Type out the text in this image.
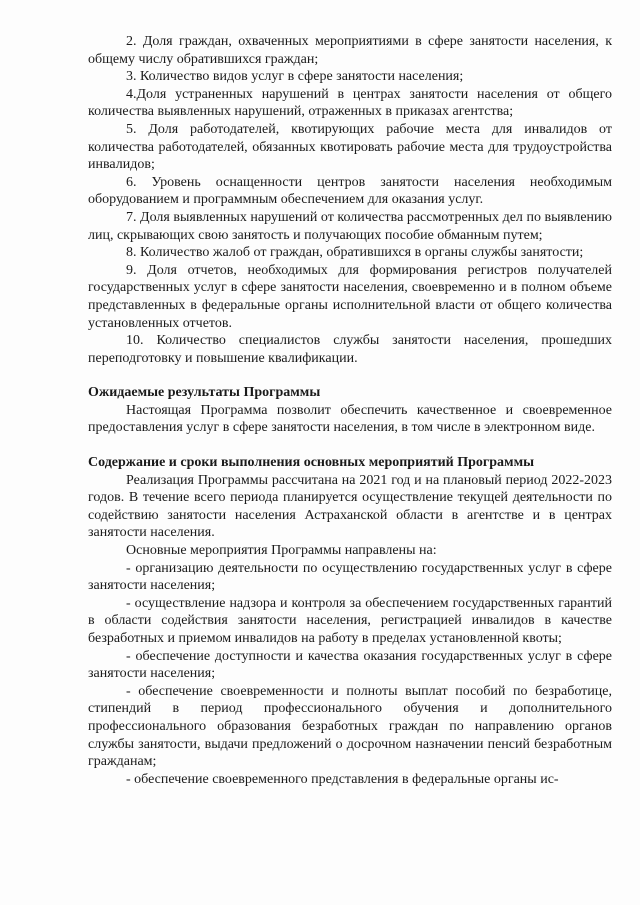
2. Доля граждан, охваченных мероприятиями в сфере занятости населения, к общему числу обратившихся граждан;

3. Количество видов услуг в сфере занятости населения;

4.Доля устраненных нарушений в центрах занятости населения от общего количества выявленных нарушений, отраженных в приказах агентства;

5. Доля работодателей, квотирующих рабочие места для инвалидов от количества работодателей, обязанных квотировать рабочие места для трудоустройства инвалидов;

6. Уровень оснащенности центров занятости населения необходимым оборудованием и программным обеспечением для оказания услуг.

7. Доля выявленных нарушений от количества рассмотренных дел по выявлению лиц, скрывающих свою занятость и получающих пособие обманным путем;

8. Количество жалоб от граждан, обратившихся в органы службы занятости;

9. Доля отчетов, необходимых для формирования регистров получателей государственных услуг в сфере занятости населения, своевременно и в полном объеме представленных в федеральные органы исполнительной власти от общего количества установленных отчетов.

10. Количество специалистов службы занятости населения, прошедших переподготовку и повышение квалификации.

Ожидаемые результаты Программы

Настоящая Программа позволит обеспечить качественное и своевременное предоставления услуг в сфере занятости населения, в том числе в электронном виде.

Содержание и сроки выполнения основных мероприятий Программы

Реализация Программы рассчитана на 2021 год и на плановый период 2022-2023 годов. В течение всего периода планируется осуществление текущей деятельности по содействию занятости населения Астраханской области в агентстве и в центрах занятости населения.

Основные мероприятия Программы направлены на:

- организацию деятельности по осуществлению государственных услуг в сфере занятости населения;

- осуществление надзора и контроля за обеспечением государственных гарантий в области содействия занятости населения, регистрацией инвалидов в качестве безработных и приемом инвалидов на работу в пределах установленной квоты;

- обеспечение доступности и качества оказания государственных услуг в сфере занятости населения;

- обеспечение своевременности и полноты выплат пособий по безработице, стипендий в период профессионального обучения и дополнительного профессионального образования безработных граждан по направлению органов службы занятости, выдачи предложений о досрочном назначении пенсий безработным гражданам;

- обеспечение своевременного представления в федеральные органы ис-
